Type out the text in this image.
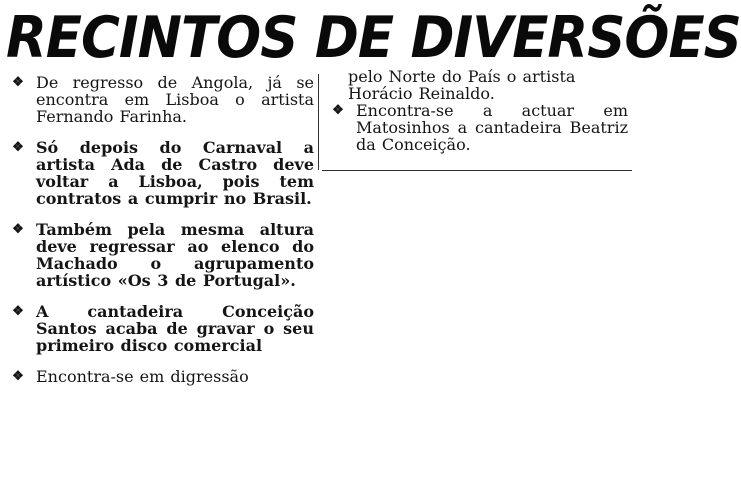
RECINTOS DE DIVERSÕES
❖ De regresso de Angola, já se encontra em Lisboa o artista Fernando Farinha.
❖ Só depois do Carnaval a artista Ada de Castro deve voltar a Lisboa, pois tem contratos a cumprir no Brasil.
❖ Também pela mesma altura deve regressar ao elenco do Machado o agrupamento artístico «Os 3 de Portugal».
❖ A cantadeira Conceição Santos acaba de gravar o seu primeiro disco comercial
❖ Encontra-se em digressão
pelo Norte do País o artista Horácio Reinaldo.
❖ Encontra-se a actuar em Matosinhos a cantadeira Beatriz da Conceição.
